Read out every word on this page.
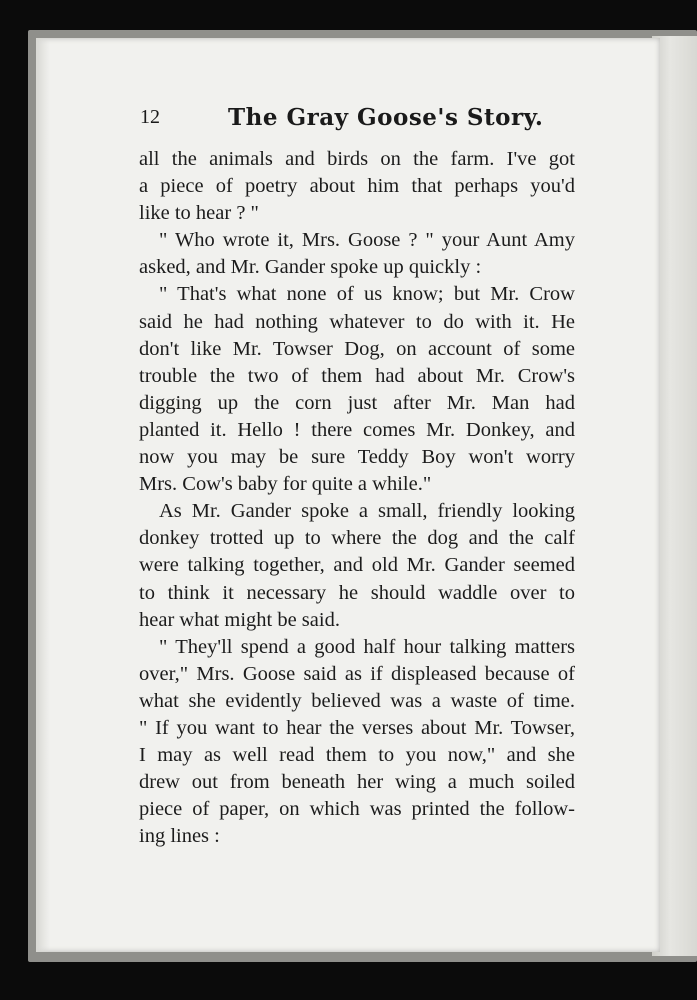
12	The Gray Goose's Story.
all the animals and birds on the farm. I've got
a piece of poetry about him that perhaps you'd
like to hear ? "
" Who wrote it, Mrs. Goose ? " your Aunt Amy
asked, and Mr. Gander spoke up quickly :
" That's what none of us know; but Mr. Crow
said he had nothing whatever to do with it. He
don't like Mr. Towser Dog, on account of some
trouble the two of them had about Mr. Crow's
digging up the corn just after Mr. Man had
planted it. Hello ! there comes Mr. Donkey, and
now you may be sure Teddy Boy won't worry
Mrs. Cow's baby for quite a while."
As Mr. Gander spoke a small, friendly looking
donkey trotted up to where the dog and the calf
were talking together, and old Mr. Gander seemed
to think it necessary he should waddle over to
hear what might be said.
" They'll spend a good half hour talking matters
over," Mrs. Goose said as if displeased because of
what she evidently believed was a waste of time.
" If you want to hear the verses about Mr. Towser,
I may as well read them to you now," and she
drew out from beneath her wing a much soiled
piece of paper, on which was printed the follow-
ing lines :
